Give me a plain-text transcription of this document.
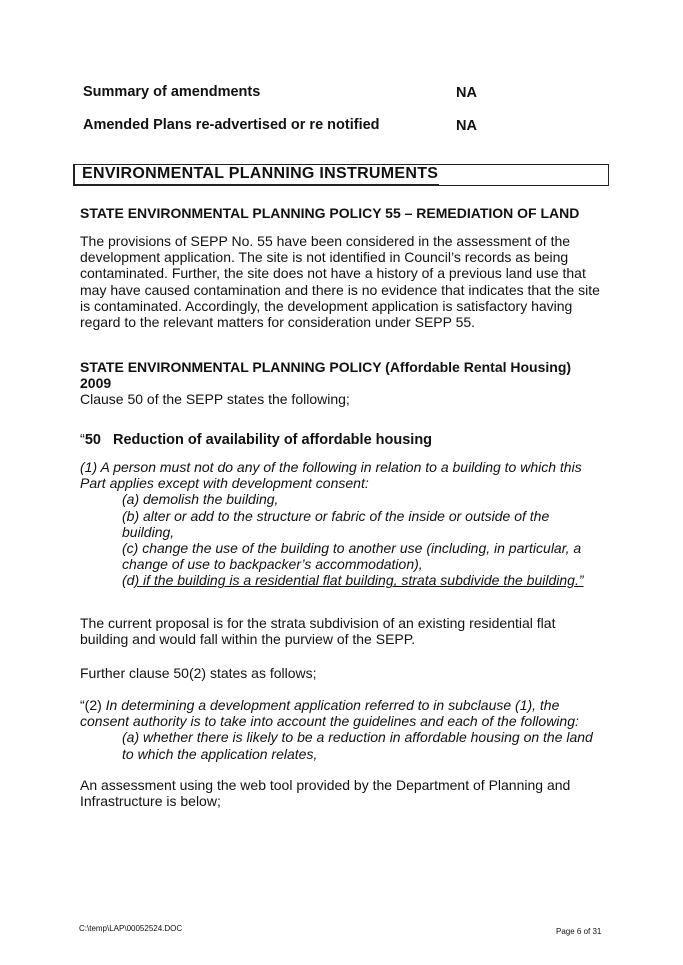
Summary of amendments	NA
Amended Plans re-advertised or re notified	NA
ENVIRONMENTAL PLANNING INSTRUMENTS
STATE ENVIRONMENTAL PLANNING POLICY 55 – REMEDIATION OF LAND
The provisions of SEPP No. 55 have been considered in the assessment of the
development application. The site is not identified in Council’s records as being
contaminated. Further, the site does not have a history of a previous land use that
may have caused contamination and there is no evidence that indicates that the site
is contaminated. Accordingly, the development application is satisfactory having
regard to the relevant matters for consideration under SEPP 55.
STATE ENVIRONMENTAL PLANNING POLICY (Affordable Rental Housing)
2009
Clause 50 of the SEPP states the following;
“50 Reduction of availability of affordable housing
(1) A person must not do any of the following in relation to a building to which this
Part applies except with development consent:
(a) demolish the building,
(b) alter or add to the structure or fabric of the inside or outside of the
building,
(c) change the use of the building to another use (including, in particular, a
change of use to backpacker’s accommodation),
(d) if the building is a residential flat building, strata subdivide the building.”
The current proposal is for the strata subdivision of an existing residential flat
building and would fall within the purview of the SEPP.
Further clause 50(2) states as follows;
“(2) In determining a development application referred to in subclause (1), the
consent authority is to take into account the guidelines and each of the following:
(a) whether there is likely to be a reduction in affordable housing on the land
to which the application relates,
An assessment using the web tool provided by the Department of Planning and
Infrastructure is below;
C:\temp\LAP\00052524.DOC	Page 6 of 31
